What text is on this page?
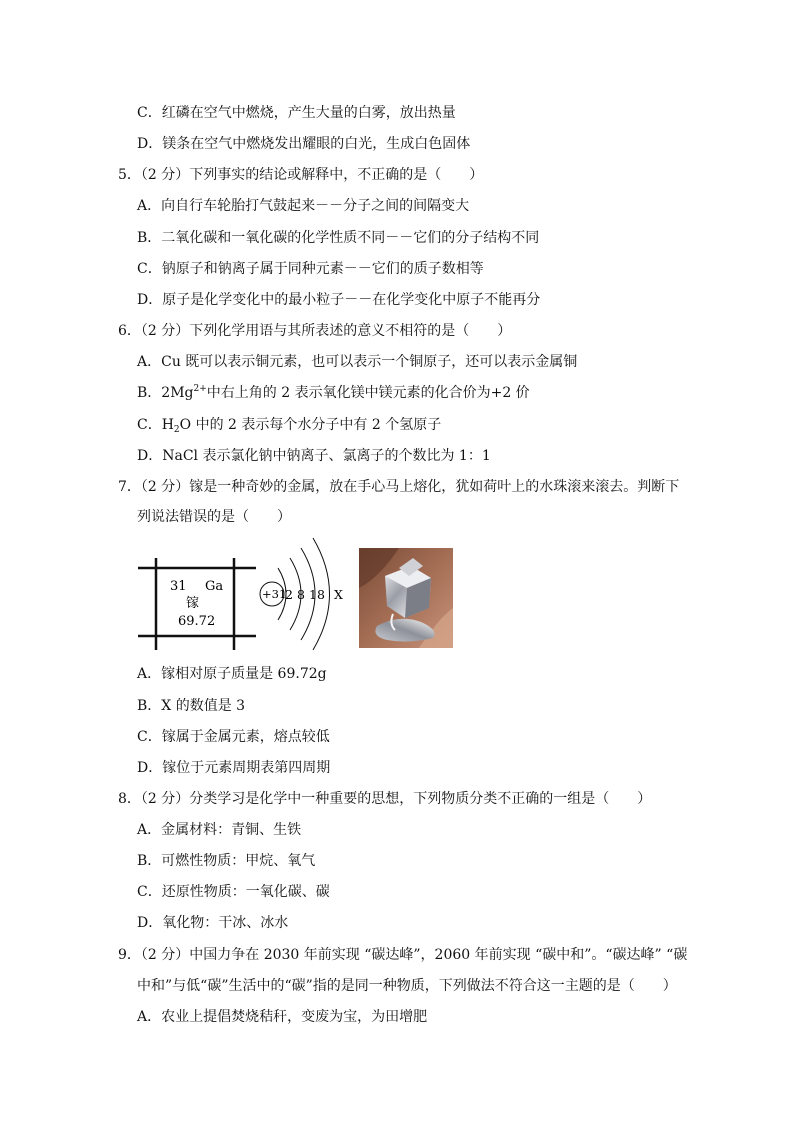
C．红磷在空气中燃烧，产生大量的白雾，放出热量
D．镁条在空气中燃烧发出耀眼的白光，生成白色固体
5．（2 分）下列事实的结论或解释中，不正确的是（　　）
A．向自行车轮胎打气鼓起来－－分子之间的间隔变大
B．二氧化碳和一氧化碳的化学性质不同－－它们的分子结构不同
C．钠原子和钠离子属于同种元素－－它们的质子数相等
D．原子是化学变化中的最小粒子－－在化学变化中原子不能再分
6．（2 分）下列化学用语与其所表述的意义不相符的是（　　）
A．Cu 既可以表示铜元素，也可以表示一个铜原子，还可以表示金属铜
B．$2Mg^{2+}$中右上角的 2 表示氧化镁中镁元素的化合价为+2 价
C．$H_2O$ 中的 2 表示每个水分子中有 2 个氢原子
D．NaCl 表示氯化钠中钠离子、氯离子的个数比为 1：1
7．（2 分）镓是一种奇妙的金属，放在手心马上熔化，犹如荷叶上的水珠滚来滚去。判断下
列说法错误的是（　　）
31 Ga
镓
69.72
+31
2 8 18 X
A．镓相对原子质量是 69.72g
B．X 的数值是 3
C．镓属于金属元素，熔点较低
D．镓位于元素周期表第四周期
8．（2 分）分类学习是化学中一种重要的思想，下列物质分类不正确的一组是（　　）
A．金属材料：青铜、生铁
B．可燃性物质：甲烷、氧气
C．还原性物质：一氧化碳、碳
D．氧化物：干冰、冰水
9．（2 分）中国力争在 2030 年前实现 “碳达峰”，2060 年前实现 “碳中和”。“碳达峰” “碳
中和”与低“碳”生活中的“碳”指的是同一种物质，下列做法不符合这一主题的是（　　）
A．农业上提倡焚烧秸秆，变废为宝，为田增肥
